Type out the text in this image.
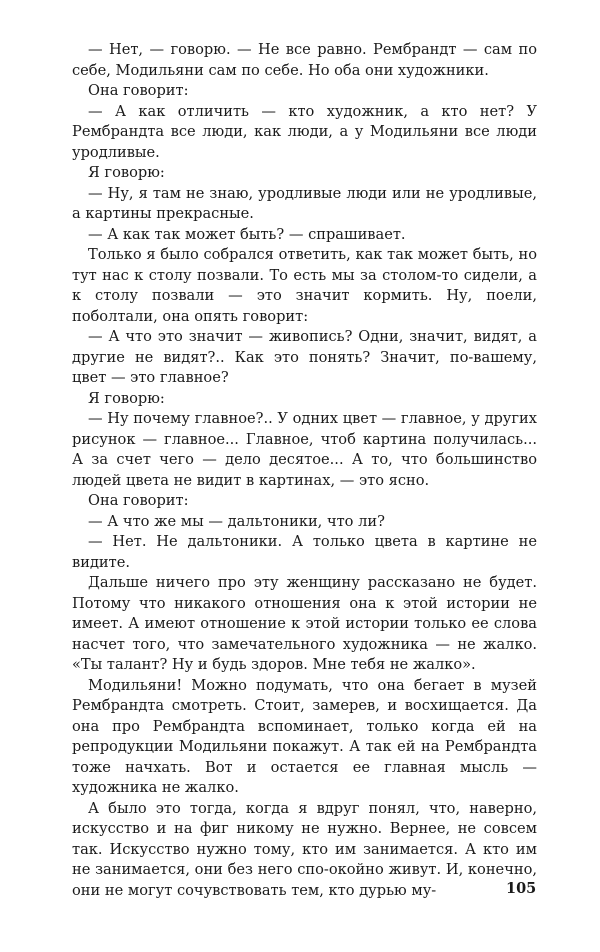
— Нет, — говорю. — Не все равно. Рембрандт — сам по себе, Модильяни сам по себе. Но оба они художники.

Она говорит:

— А как отличить — кто художник, а кто нет? У Рембрандта все люди, как люди, а у Модильяни все люди уродливые.

Я говорю:

— Ну, я там не знаю, уродливые люди или не уродливые, а картины прекрасные.

— А как так может быть? — спрашивает.

Только я было собрался ответить, как так может быть, но тут нас к столу позвали. То есть мы за столом-то сидели, а к столу позвали — это значит кормить. Ну, поели, поболтали, она опять говорит:

— А что это значит — живопись? Одни, значит, видят, а другие не видят?.. Как это понять? Значит, по-вашему, цвет — это главное?

Я говорю:

— Ну почему главное?.. У одних цвет — главное, у других рисунок — главное... Главное, чтоб картина получилась... А за счет чего — дело десятое... А то, что большинство людей цвета не видит в картинах, — это ясно.

Она говорит:

— А что же мы — дальтоники, что ли?

— Нет. Не дальтоники. А только цвета в картине не видите.

Дальше ничего про эту женщину рассказано не будет. Потому что никакого отношения она к этой истории не имеет. А имеют отношение к этой истории только ее слова насчет того, что замечательного художника — не жалко. «Ты талант? Ну и будь здоров. Мне тебя не жалко».

Модильяни! Можно подумать, что она бегает в музей Рембрандта смотреть. Стоит, замерев, и восхищается. Да она про Рембрандта вспоминает, только когда ей на репродукции Модильяни покажут. А так ей на Рембрандта тоже начхать. Вот и остается ее главная мысль — художника не жалко.

А было это тогда, когда я вдруг понял, что, наверно, искусство и на фиг никому не нужно. Вернее, не совсем так. Искусство нужно тому, кто им занимается. А кто им не занимается, они без него спо-окойно живут. И, конечно, они не могут сочувствовать тем, кто дурью му-	105
